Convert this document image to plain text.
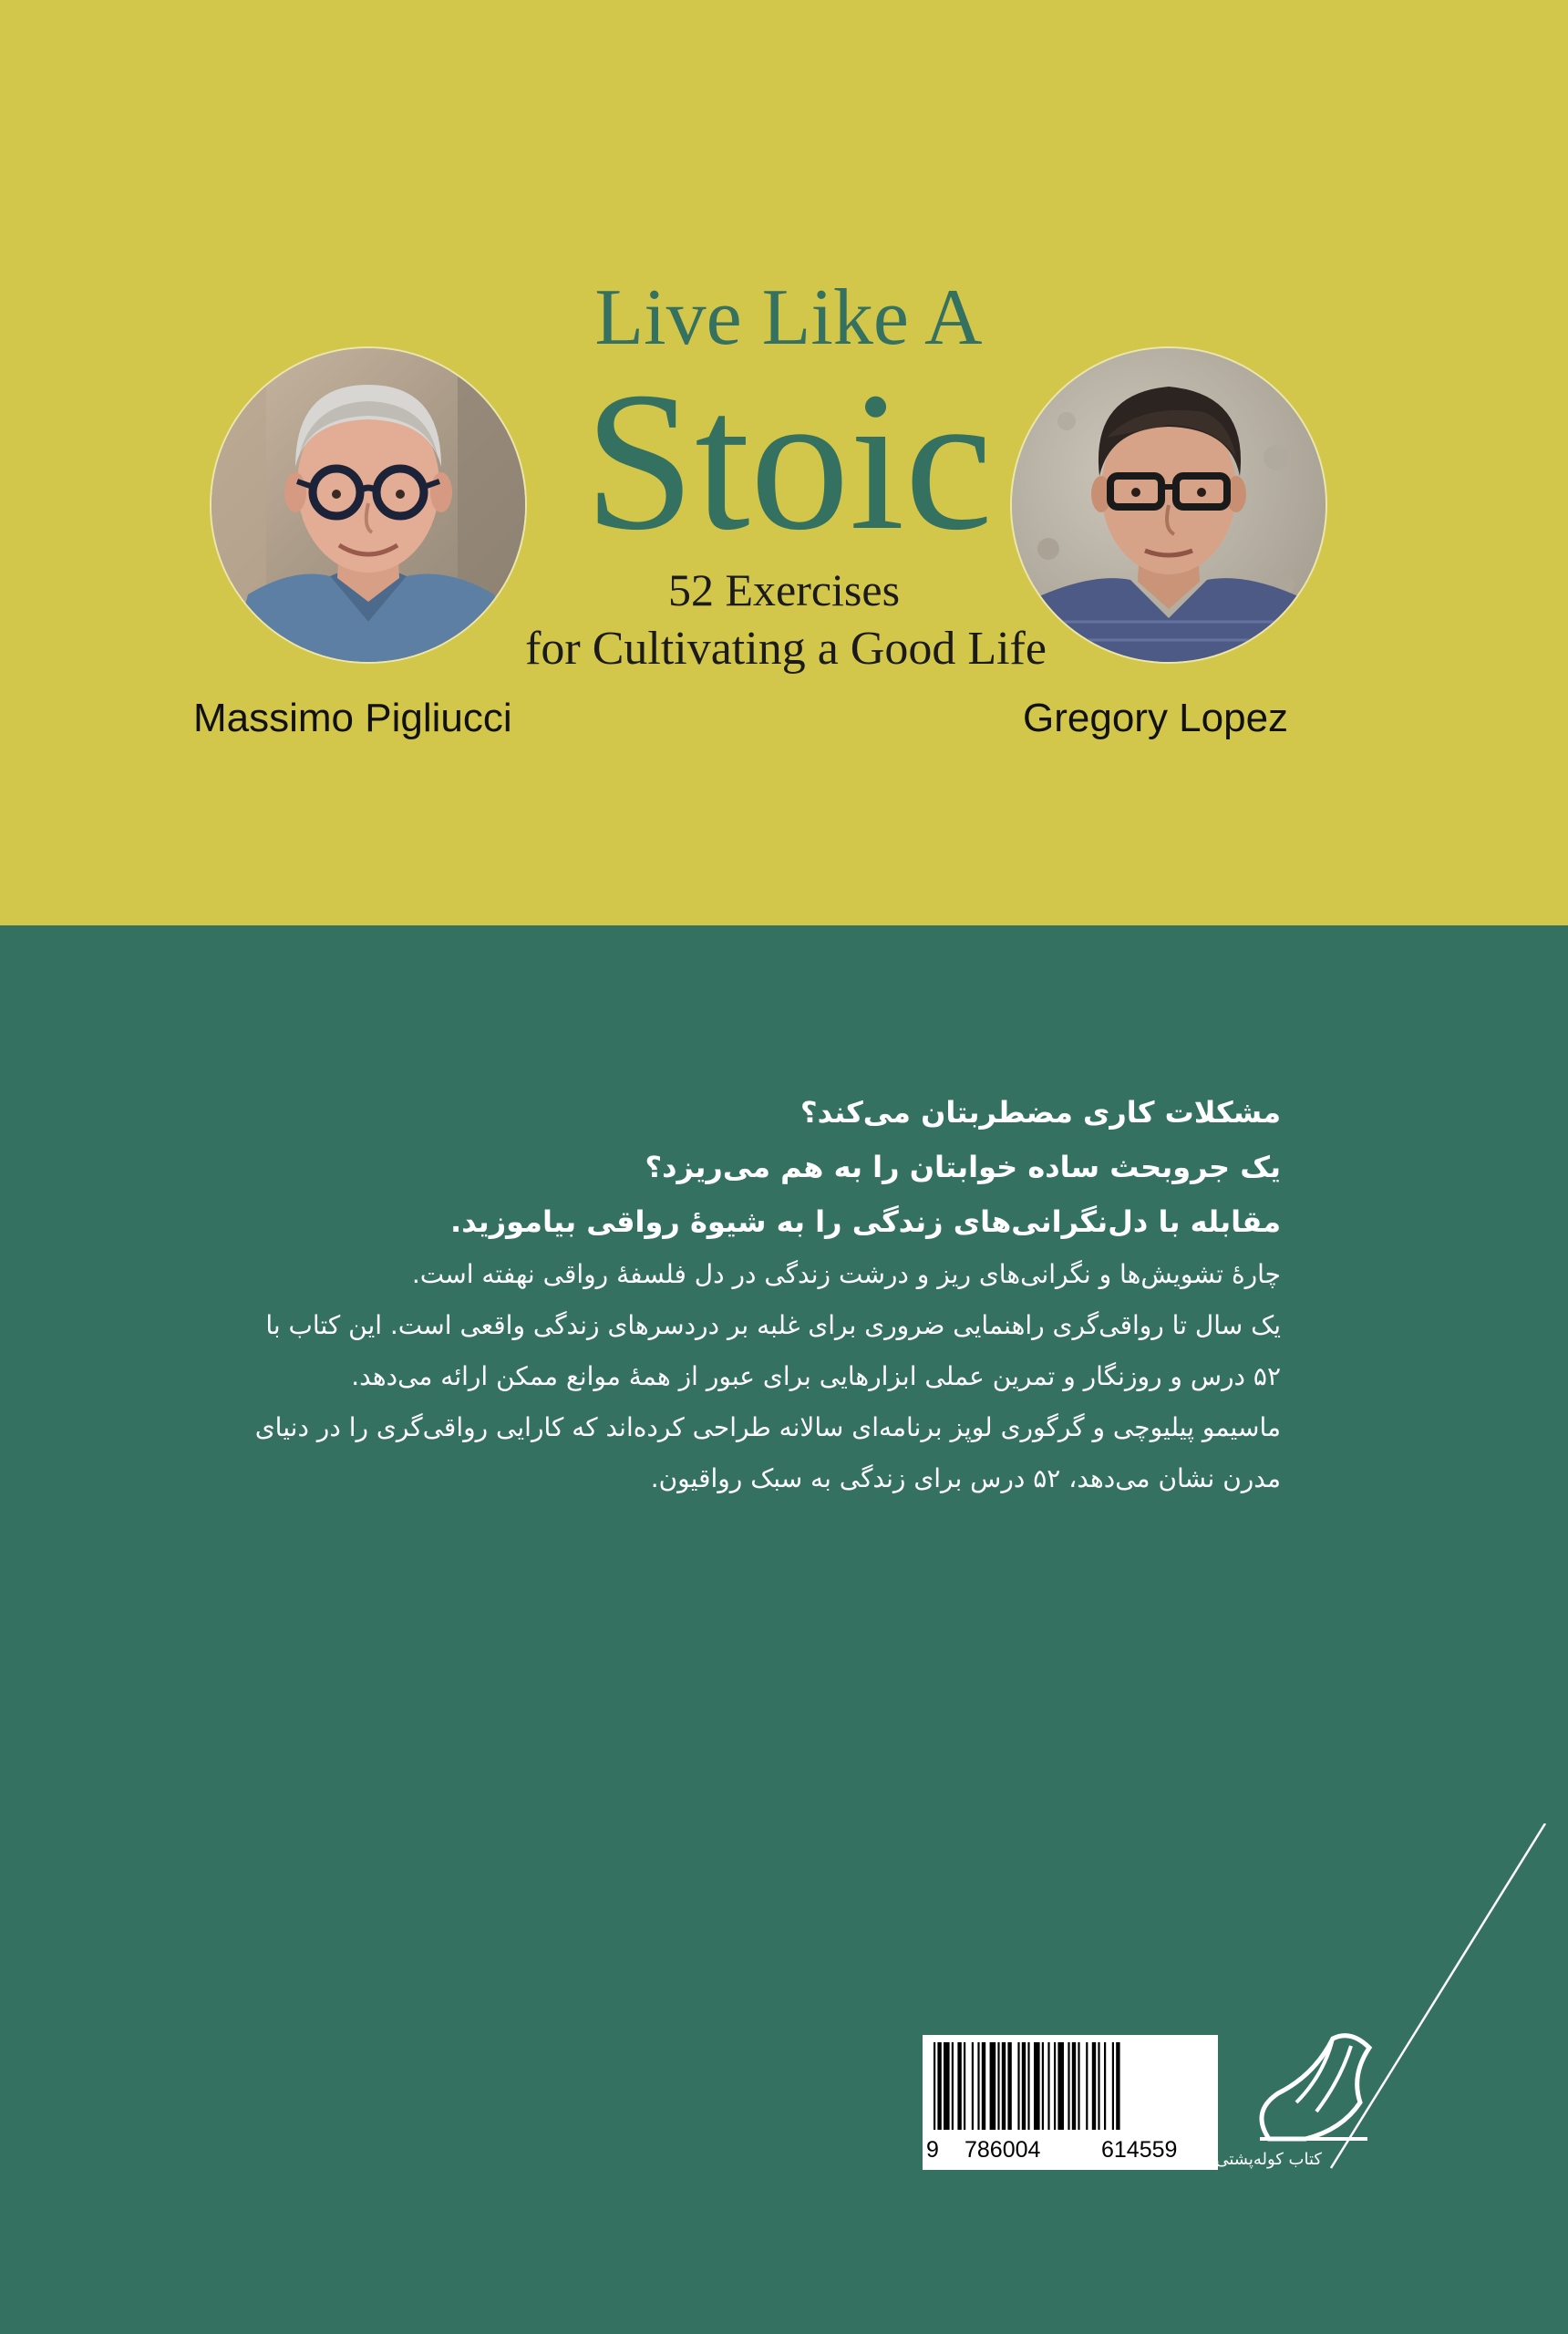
Live Like A
Stoic
52 Exercises
for Cultivating a Good Life
Massimo Pigliucci	Gregory Lopez
مشکلات کاری مضطربتان می‌کند؟
یک جروبحث ساده خوابتان را به هم می‌ریزد؟
مقابله با دل‌نگرانی‌های زندگی را به شیوهٔ رواقی بیاموزید.
چارهٔ تشویش‌ها و نگرانی‌های ریز و درشت زندگی در دل فلسفهٔ رواقی نهفته است.
یک سال تا رواقی‌گری راهنمایی ضروری برای غلبه بر دردسرهای زندگی واقعی است. این کتاب با
۵۲ درس و روزنگار و تمرین عملی ابزارهایی برای عبور از همهٔ موانع ممکن ارائه می‌دهد.
ماسیمو پیلیوچی و گرگوری لوپز برنامه‌ای سالانه طراحی کرده‌اند که کارایی رواقی‌گری را در دنیای
مدرن نشان می‌دهد، ۵۲ درس برای زندگی به سبک رواقیون.
9 786004	614559 کتاب کوله‌پشتی
